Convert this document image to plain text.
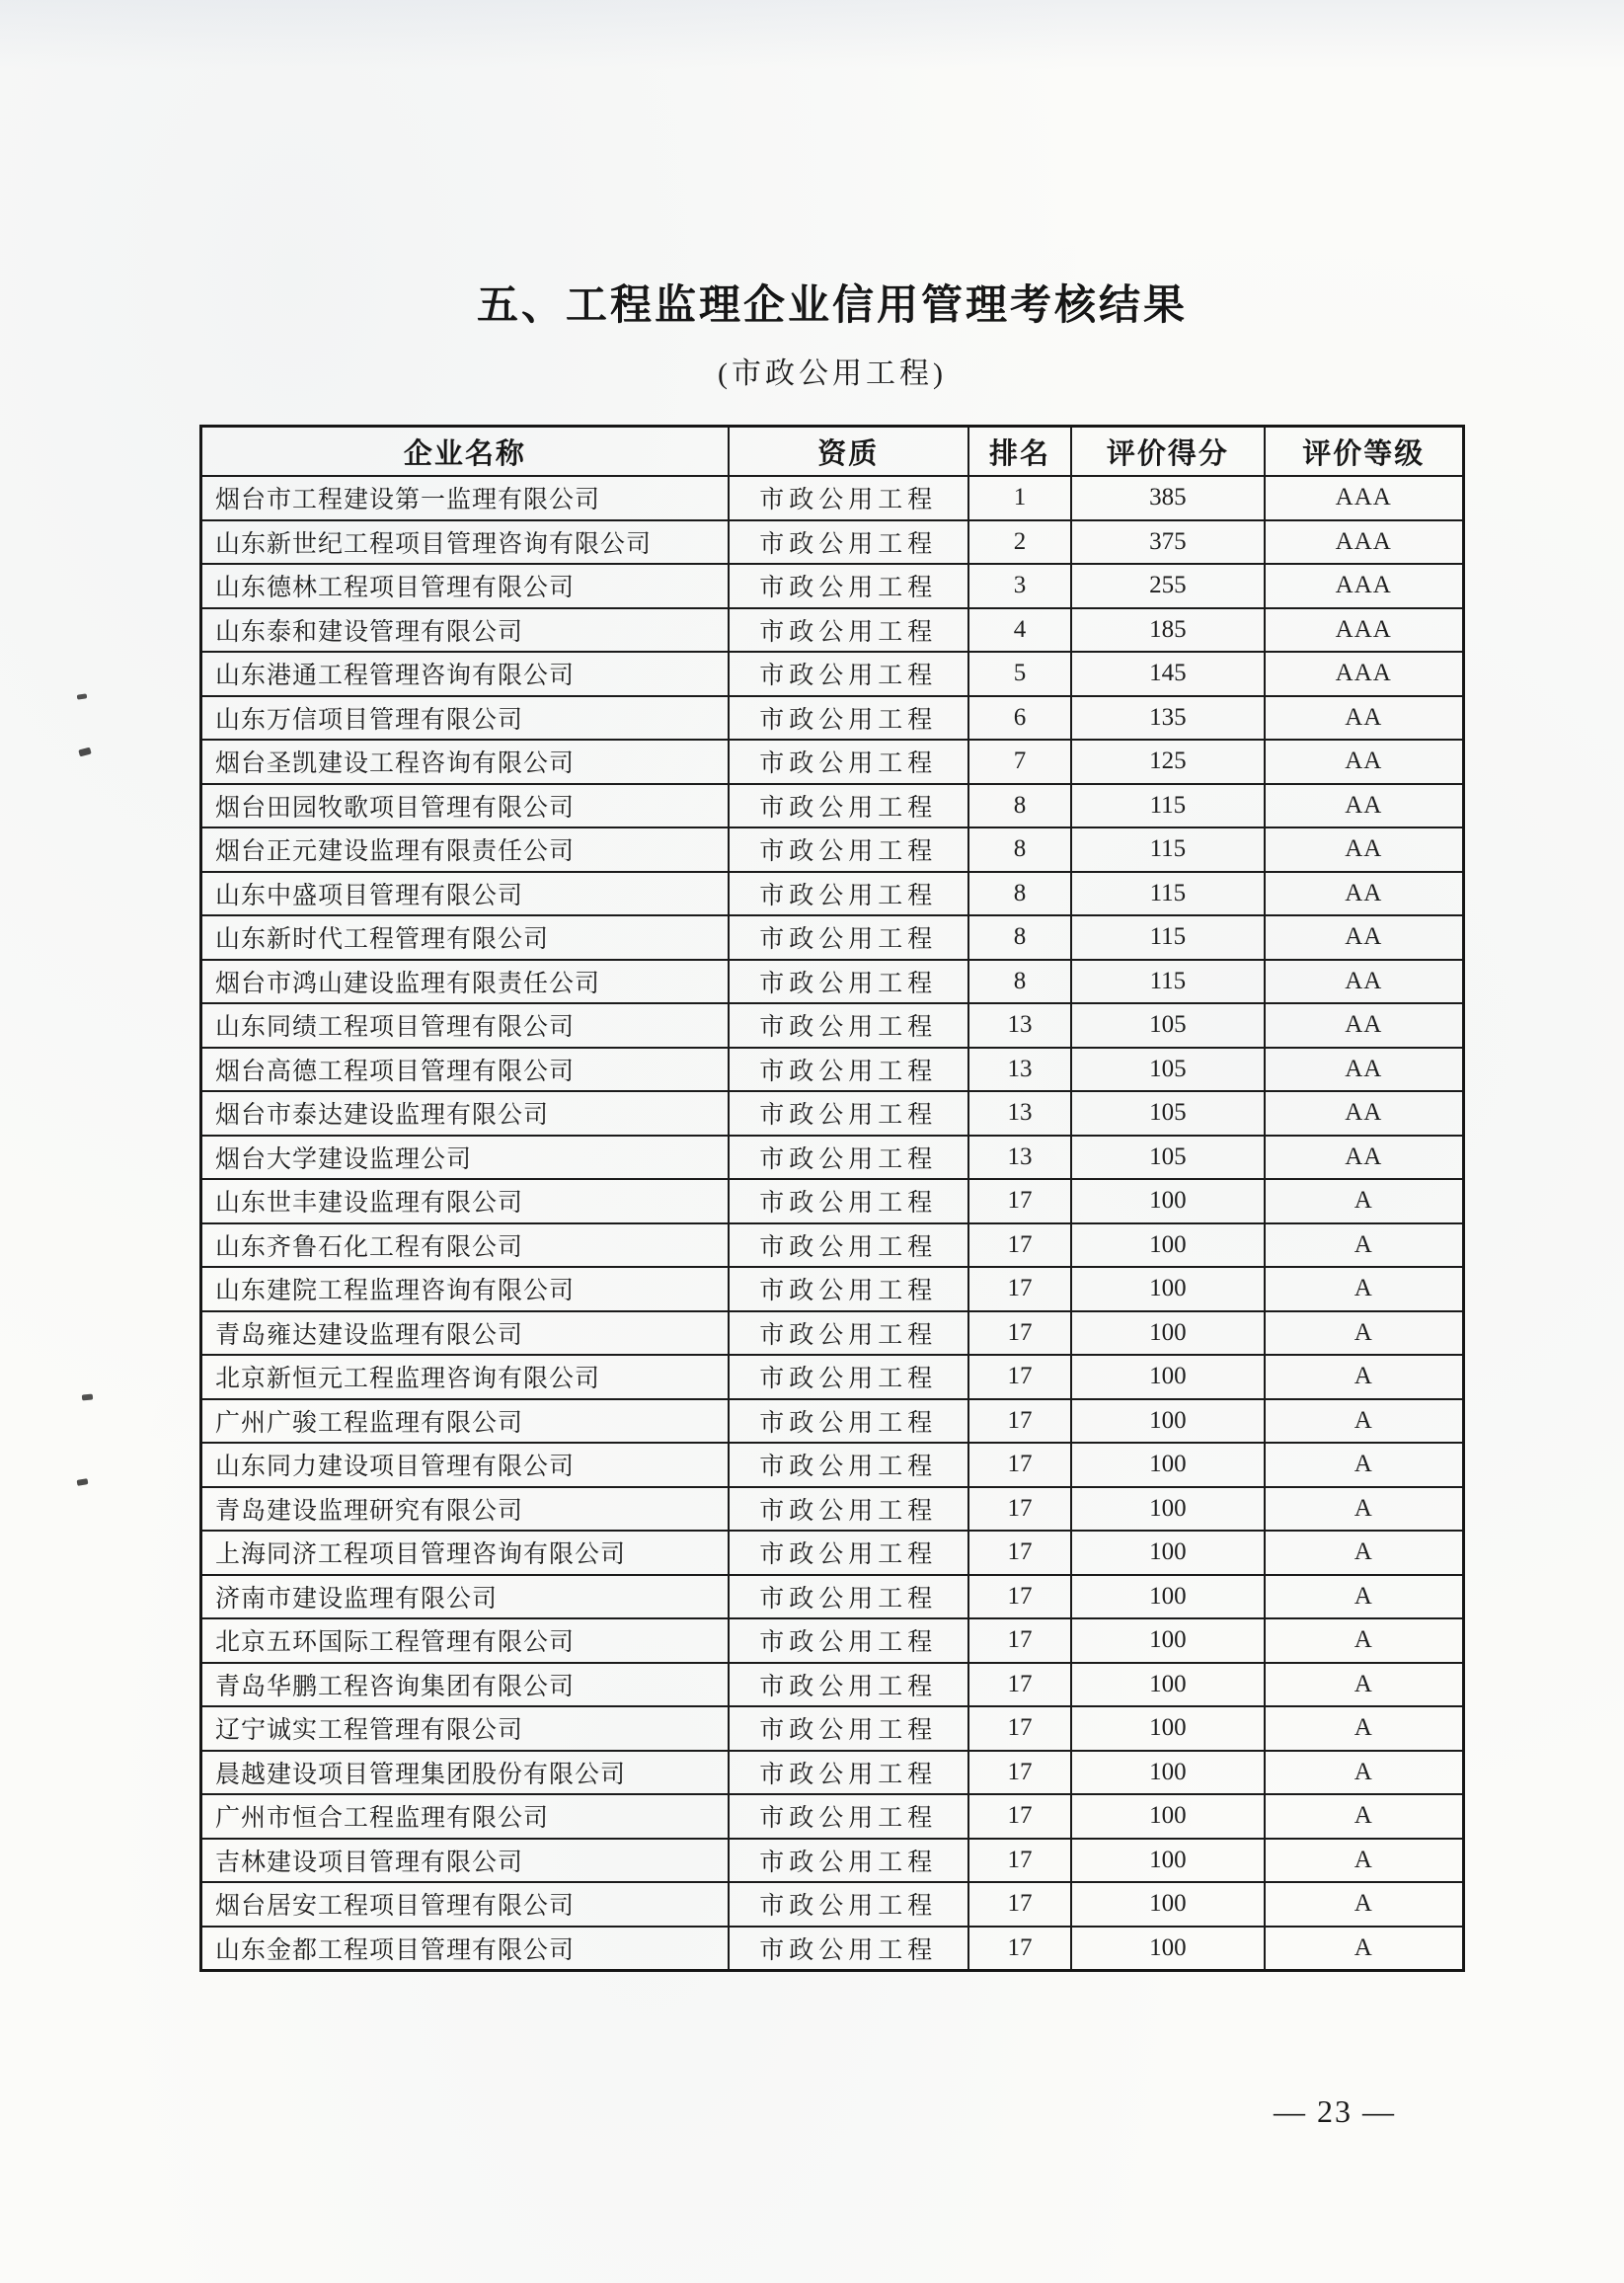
五、工程监理企业信用管理考核结果
(市政公用工程)
企业名称	资质	排名	评价得分	评价等级
烟台市工程建设第一监理有限公司	市政公用工程	1	385	AAA
山东新世纪工程项目管理咨询有限公司	市政公用工程	2	375	AAA
山东德林工程项目管理有限公司	市政公用工程	3	255	AAA
山东泰和建设管理有限公司	市政公用工程	4	185	AAA
山东港通工程管理咨询有限公司	市政公用工程	5	145	AAA
山东万信项目管理有限公司	市政公用工程	6	135	AA
烟台圣凯建设工程咨询有限公司	市政公用工程	7	125	AA
烟台田园牧歌项目管理有限公司	市政公用工程	8	115	AA
烟台正元建设监理有限责任公司	市政公用工程	8	115	AA
山东中盛项目管理有限公司	市政公用工程	8	115	AA
山东新时代工程管理有限公司	市政公用工程	8	115	AA
烟台市鸿山建设监理有限责任公司	市政公用工程	8	115	AA
山东同绩工程项目管理有限公司	市政公用工程	13	105	AA
烟台高德工程项目管理有限公司	市政公用工程	13	105	AA
烟台市泰达建设监理有限公司	市政公用工程	13	105	AA
烟台大学建设监理公司	市政公用工程	13	105	AA
山东世丰建设监理有限公司	市政公用工程	17	100	A
山东齐鲁石化工程有限公司	市政公用工程	17	100	A
山东建院工程监理咨询有限公司	市政公用工程	17	100	A
青岛雍达建设监理有限公司	市政公用工程	17	100	A
北京新恒元工程监理咨询有限公司	市政公用工程	17	100	A
广州广骏工程监理有限公司	市政公用工程	17	100	A
山东同力建设项目管理有限公司	市政公用工程	17	100	A
青岛建设监理研究有限公司	市政公用工程	17	100	A
上海同济工程项目管理咨询有限公司	市政公用工程	17	100	A
济南市建设监理有限公司	市政公用工程	17	100	A
北京五环国际工程管理有限公司	市政公用工程	17	100	A
青岛华鹏工程咨询集团有限公司	市政公用工程	17	100	A
辽宁诚实工程管理有限公司	市政公用工程	17	100	A
晨越建设项目管理集团股份有限公司	市政公用工程	17	100	A
广州市恒合工程监理有限公司	市政公用工程	17	100	A
吉林建设项目管理有限公司	市政公用工程	17	100	A
烟台居安工程项目管理有限公司	市政公用工程	17	100	A
山东金都工程项目管理有限公司	市政公用工程	17	100	A
— 23 —
